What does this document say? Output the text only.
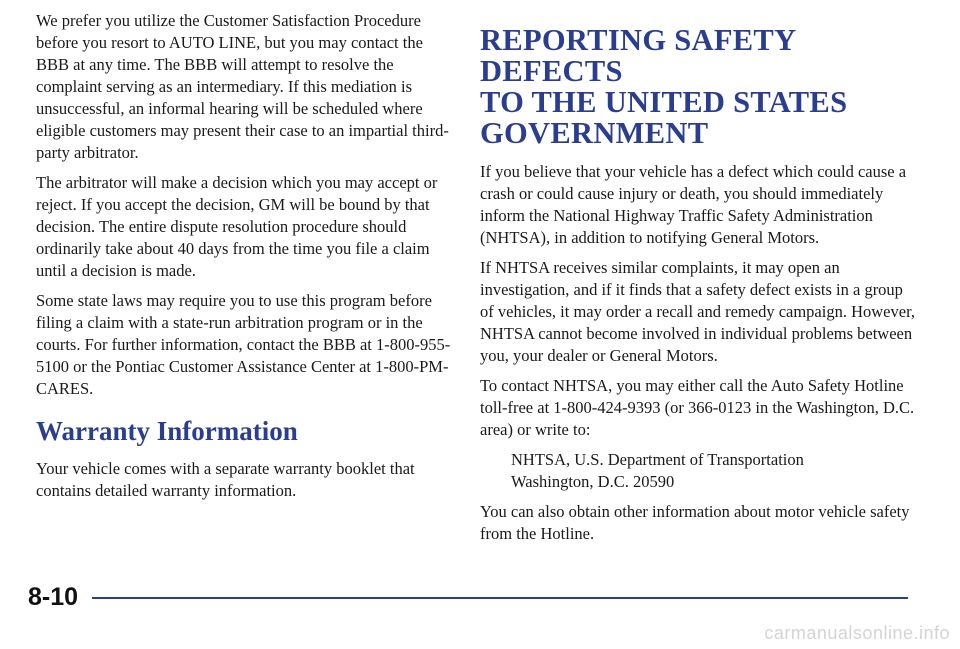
We prefer you utilize the Customer Satisfaction Procedure before you resort to AUTO LINE, but you may contact the BBB at any time. The BBB will attempt to resolve the complaint serving as an intermediary. If this mediation is unsuccessful, an informal hearing will be scheduled where eligible customers may present their case to an impartial third-party arbitrator.

The arbitrator will make a decision which you may accept or reject. If you accept the decision, GM will be bound by that decision. The entire dispute resolution procedure should ordinarily take about 40 days from the time you file a claim until a decision is made.

Some state laws may require you to use this program before filing a claim with a state-run arbitration program or in the courts. For further information, contact the BBB at 1-800-955-5100 or the Pontiac Customer Assistance Center at 1-800-PM-CARES.

Warranty Information

Your vehicle comes with a separate warranty booklet that contains detailed warranty information.

REPORTING SAFETY DEFECTS
TO THE UNITED STATES
GOVERNMENT

If you believe that your vehicle has a defect which could cause a crash or could cause injury or death, you should immediately inform the National Highway Traffic Safety Administration (NHTSA), in addition to notifying General Motors.

If NHTSA receives similar complaints, it may open an investigation, and if it finds that a safety defect exists in a group of vehicles, it may order a recall and remedy campaign. However, NHTSA cannot become involved in individual problems between you, your dealer or General Motors.

To contact NHTSA, you may either call the Auto Safety Hotline toll-free at 1-800-424-9393 (or 366-0123 in the Washington, D.C. area) or write to:

NHTSA, U.S. Department of Transportation

Washington, D.C. 20590

You can also obtain other information about motor vehicle safety from the Hotline.

8-10
carmanualsonline.info
